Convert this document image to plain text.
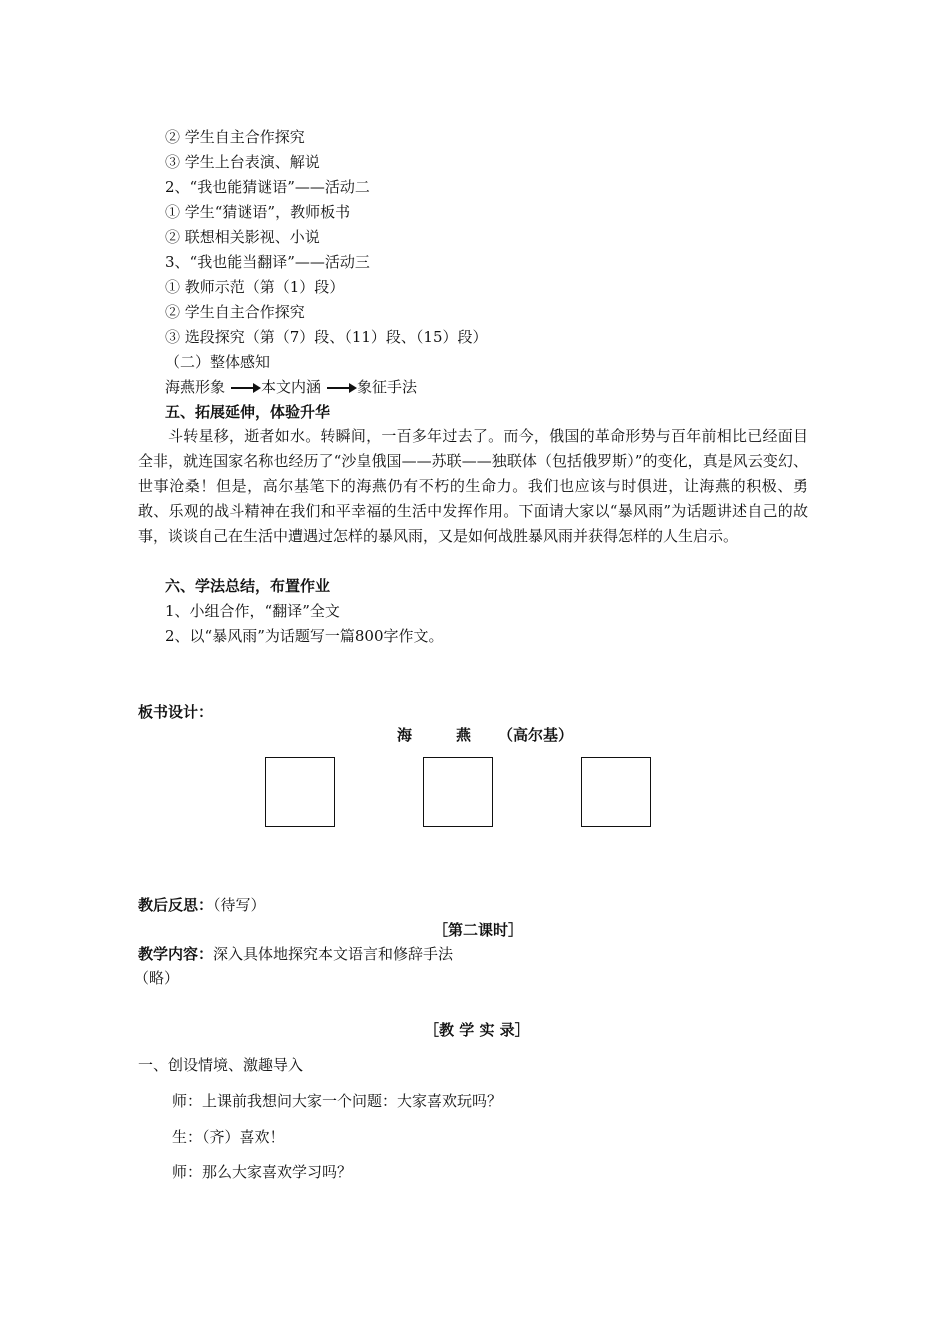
② 学生自主合作探究
③ 学生上台表演、解说
2、“我也能猜谜语”——活动二
① 学生“猜谜语”，教师板书
② 联想相关影视、小说
3、“我也能当翻译”——活动三
① 教师示范（第（1）段）
② 学生自主合作探究
③ 选段探究（第（7）段、（11）段、（15）段）
（二）整体感知
海燕形象 本文内涵 象征手法
五、拓展延伸，体验升华
斗转星移，逝者如水。转瞬间，一百多年过去了。而今，俄国的革命形势与百年前相比已经面目全非，就连国家名称也经历了“沙皇俄国——苏联——独联体（包括俄罗斯）”的变化，真是风云变幻、世事沧桑！但是，高尔基笔下的海燕仍有不朽的生命力。我们也应该与时俱进，让海燕的积极、勇敢、乐观的战斗精神在我们和平幸福的生活中发挥作用。下面请大家以“暴风雨”为话题讲述自己的故事，谈谈自己在生活中遭遇过怎样的暴风雨，又是如何战胜暴风雨并获得怎样的人生启示。
六、学法总结，布置作业
1、小组合作，“翻译”全文
2、以“暴风雨”为话题写一篇800字作文。
板书设计：
海	燕 （高尔基）
教后反思：（待写）
［第二课时］
教学内容：深入具体地探究本文语言和修辞手法
（略）
［教 学 实 录］
一、创设情境、激趣导入
师：上课前我想问大家一个问题：大家喜欢玩吗？
生：（齐）喜欢！
师：那么大家喜欢学习吗？
